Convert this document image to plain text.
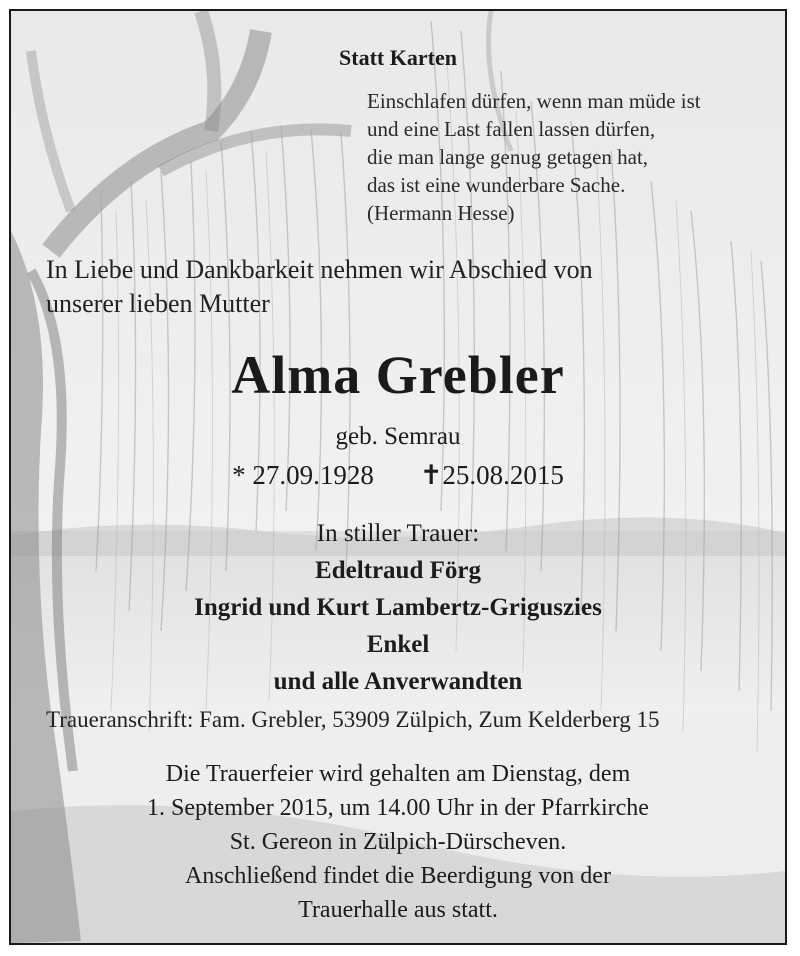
Statt Karten
Einschlafen dürfen, wenn man müde ist
und eine Last fallen lassen dürfen,
die man lange genug getagen hat,
das ist eine wunderbare Sache.
(Hermann Hesse)
In Liebe und Dankbarkeit nehmen wir Abschied von
unserer lieben Mutter
Alma Grebler
geb. Semrau
* 27.09.1928 ✝25.08.2015
In stiller Trauer:
Edeltraud Förg
Ingrid und Kurt Lambertz-Griguszies
Enkel
und alle Anverwandten
Traueranschrift: Fam. Grebler, 53909 Zülpich, Zum Kelderberg 15
Die Trauerfeier wird gehalten am Dienstag, dem
1. September 2015, um 14.00 Uhr in der Pfarrkirche
St. Gereon in Zülpich-Dürscheven.
Anschließend findet die Beerdigung von der
Trauerhalle aus statt.
